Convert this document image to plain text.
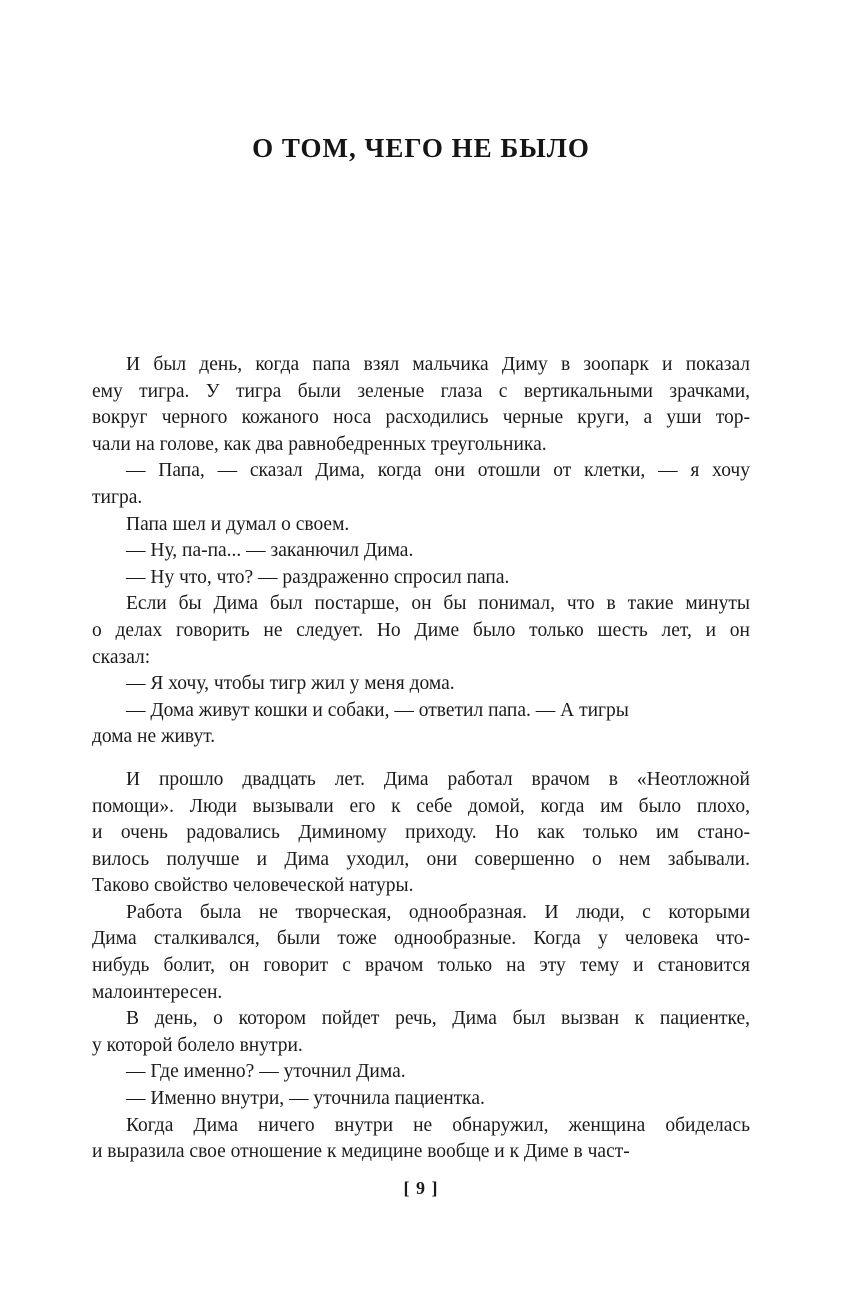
О ТОМ, ЧЕГО НЕ БЫЛО

И был день, когда папа взял мальчика Диму в зоопарк и показал
ему тигра. У тигра были зеленые глаза с вертикальными зрачками,
вокруг черного кожаного носа расходились черные круги, а уши тор-
чали на голове, как два равнобедренных треугольника.

— Папа, — сказал Дима, когда они отошли от клетки, — я хочу
тигра.

Папа шел и думал о своем.

— Ну, па-па... — заканючил Дима.

— Ну что, что? — раздраженно спросил папа.

Если бы Дима был постарше, он бы понимал, что в такие минуты
о делах говорить не следует. Но Диме было только шесть лет, и он
сказал:

— Я хочу, чтобы тигр жил у меня дома.

— Дома живут кошки и собаки, — ответил папа. — А тигры
дома не живут.

И прошло двадцать лет. Дима работал врачом в «Неотложной
помощи». Люди вызывали его к себе домой, когда им было плохо,
и очень радовались Диминому приходу. Но как только им стано-
вилось получше и Дима уходил, они совершенно о нем забывали.
Таково свойство человеческой натуры.

Работа была не творческая, однообразная. И люди, с которыми
Дима сталкивался, были тоже однообразные. Когда у человека что-
нибудь болит, он говорит с врачом только на эту тему и становится
малоинтересен.

В день, о котором пойдет речь, Дима был вызван к пациентке,
у которой болело внутри.

— Где именно? — уточнил Дима.

— Именно внутри, — уточнила пациентка.

Когда Дима ничего внутри не обнаружил, женщина обиделась
и выразила свое отношение к медицине вообще и к Диме в част-

[ 9 ]
